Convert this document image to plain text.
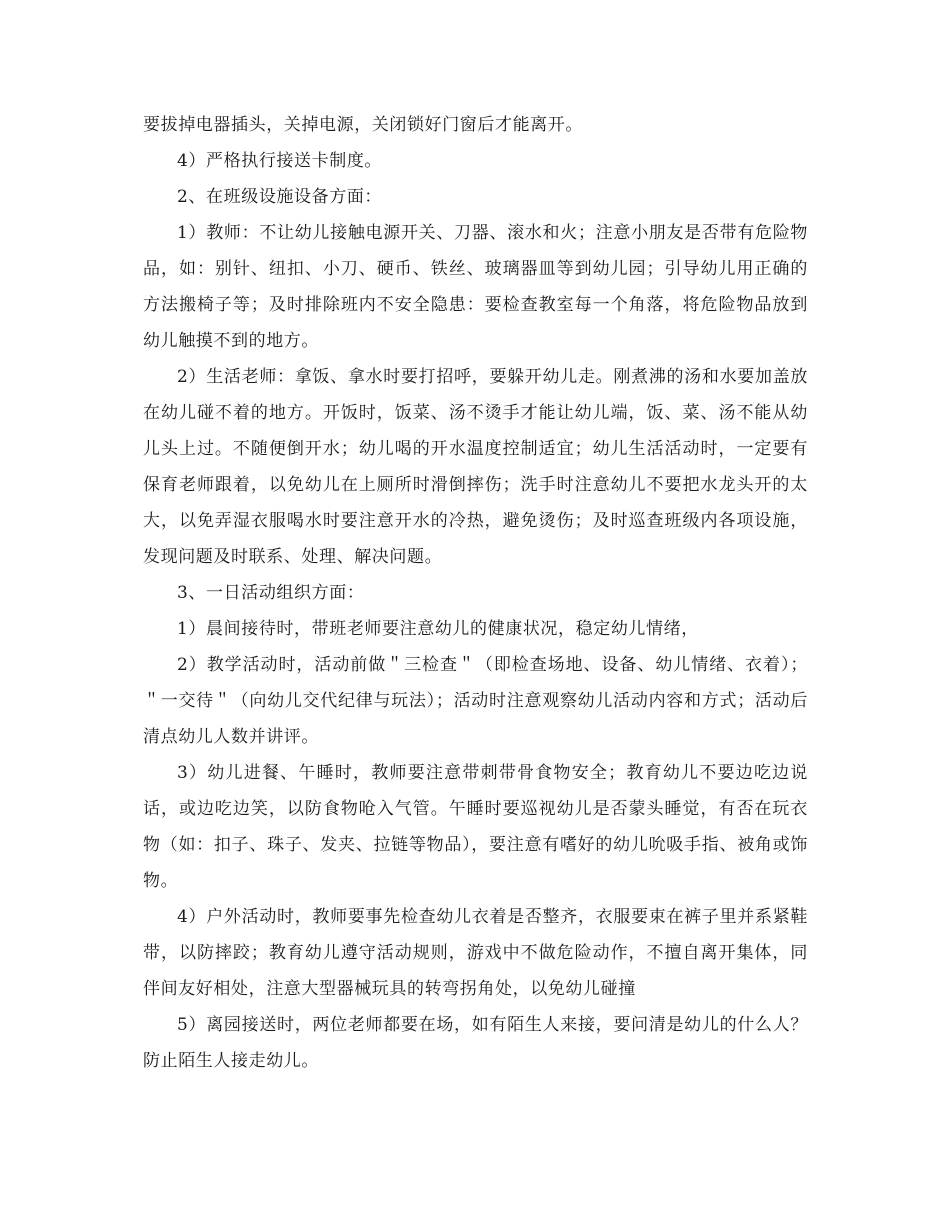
要拔掉电器插头，关掉电源，关闭锁好门窗后才能离开。

4）严格执行接送卡制度。

2、在班级设施设备方面：

1）教师：不让幼儿接触电源开关、刀器、滚水和火；注意小朋友是否带有危险物品，如：别针、纽扣、小刀、硬币、铁丝、玻璃器皿等到幼儿园；引导幼儿用正确的方法搬椅子等；及时排除班内不安全隐患：要检查教室每一个角落，将危险物品放到幼儿触摸不到的地方。

2）生活老师：拿饭、拿水时要打招呼，要躲开幼儿走。刚煮沸的汤和水要加盖放在幼儿碰不着的地方。开饭时，饭菜、汤不烫手才能让幼儿端，饭、菜、汤不能从幼儿头上过。不随便倒开水；幼儿喝的开水温度控制适宜；幼儿生活活动时，一定要有保育老师跟着，以免幼儿在上厕所时滑倒摔伤；洗手时注意幼儿不要把水龙头开的太大，以免弄湿衣服喝水时要注意开水的冷热，避免烫伤；及时巡查班级内各项设施，发现问题及时联系、处理、解决问题。

3、一日活动组织方面：

1）晨间接待时，带班老师要注意幼儿的健康状况，稳定幼儿情绪，

2）教学活动时，活动前做＂三检查＂（即检查场地、设备、幼儿情绪、衣着）；＂一交待＂（向幼儿交代纪律与玩法）；活动时注意观察幼儿活动内容和方式；活动后清点幼儿人数并讲评。

3）幼儿进餐、午睡时，教师要注意带刺带骨食物安全；教育幼儿不要边吃边说话，或边吃边笑，以防食物呛入气管。午睡时要巡视幼儿是否蒙头睡觉，有否在玩衣物（如：扣子、珠子、发夹、拉链等物品），要注意有嗜好的幼儿吮吸手指、被角或饰物。

4）户外活动时，教师要事先检查幼儿衣着是否整齐，衣服要束在裤子里并系紧鞋带，以防摔跤；教育幼儿遵守活动规则，游戏中不做危险动作，不擅自离开集体，同伴间友好相处，注意大型器械玩具的转弯拐角处，以免幼儿碰撞

5）离园接送时，两位老师都要在场，如有陌生人来接，要问清是幼儿的什么人？防止陌生人接走幼儿。
